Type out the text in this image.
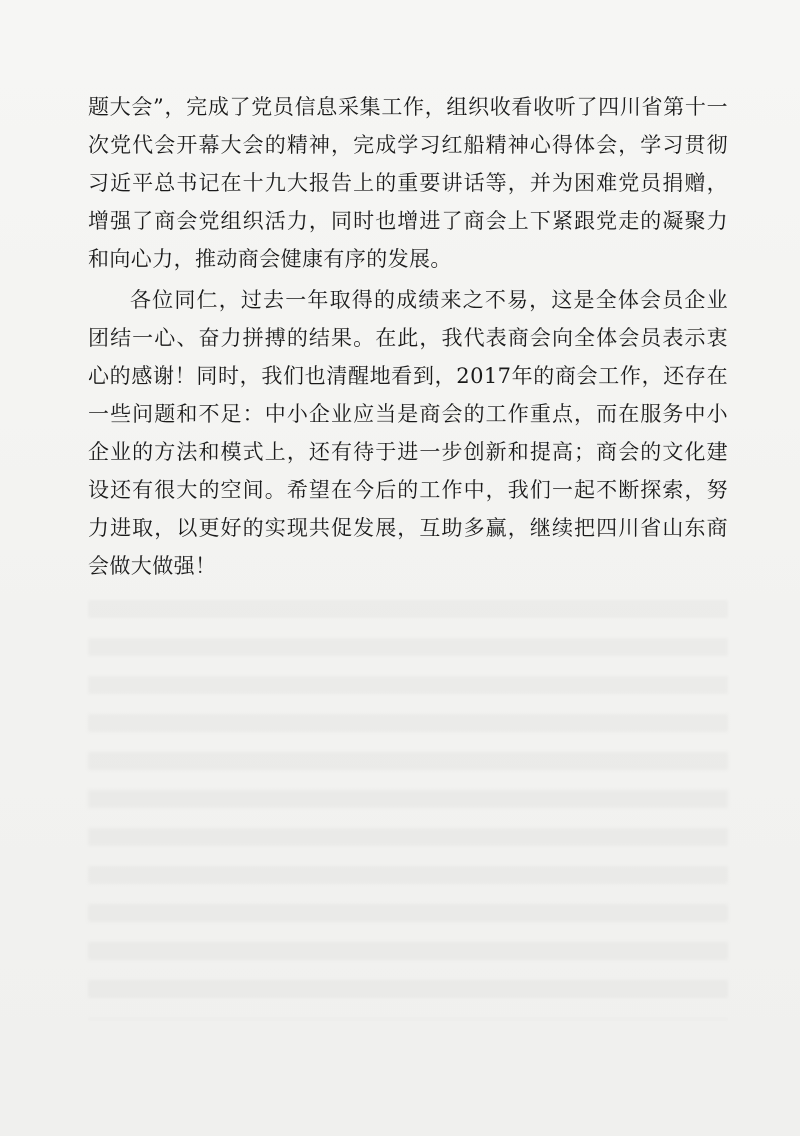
题大会”，完成了党员信息采集工作，组织收看收听了四川省第十一次党代会开幕大会的精神，完成学习红船精神心得体会，学习贯彻习近平总书记在十九大报告上的重要讲话等，并为困难党员捐赠，增强了商会党组织活力，同时也增进了商会上下紧跟党走的凝聚力和向心力，推动商会健康有序的发展。

各位同仁，过去一年取得的成绩来之不易，这是全体会员企业团结一心、奋力拼搏的结果。在此，我代表商会向全体会员表示衷心的感谢！同时，我们也清醒地看到，2017年的商会工作，还存在一些问题和不足：中小企业应当是商会的工作重点，而在服务中小企业的方法和模式上，还有待于进一步创新和提高；商会的文化建设还有很大的空间。希望在今后的工作中，我们一起不断探索，努力进取，以更好的实现共促发展，互助多赢，继续把四川省山东商会做大做强！
